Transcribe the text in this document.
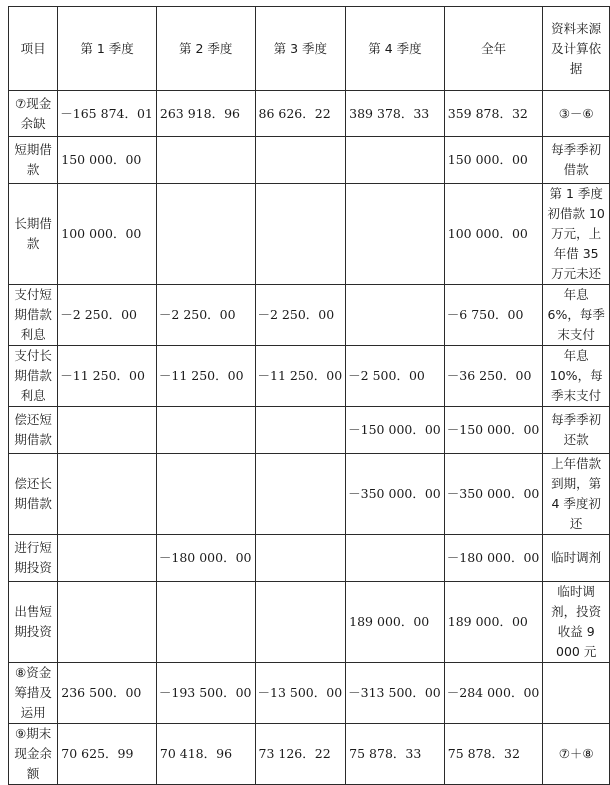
项目	第 1 季度	第 2 季度	第 3 季度	第 4 季度	全年	资料来源及计算依据
⑦现金余缺	－165 874．01	263 918．96	86 626．22	389 378．33	359 878．32	③－⑥
短期借款	150 000．00				150 000．00	每季季初借款
长期借款	100 000．00				100 000．00	第 1 季度初借款 10 万元，上年借 35 万元未还
支付短期借款利息	－2 250．00	－2 250．00	－2 250．00		－6 750．00	年息 6%，每季末支付
支付长期借款利息	－11 250．00	－11 250．00	－11 250．00	－2 500．00	－36 250．00	年息 10%，每季末支付
偿还短期借款				－150 000．00	－150 000．00	每季季初还款
偿还长期借款				－350 000．00	－350 000．00	上年借款到期，第 4 季度初还
进行短期投资		－180 000．00			－180 000．00	临时调剂
出售短期投资				189 000．00	189 000．00	临时调剂，投资收益 9 000 元
⑧资金筹措及运用	236 500．00	－193 500．00	－13 500．00	－313 500．00	－284 000．00	
⑨期末现金余额	70 625．99	70 418．96	73 126．22	75 878．33	75 878．32	⑦＋⑧
